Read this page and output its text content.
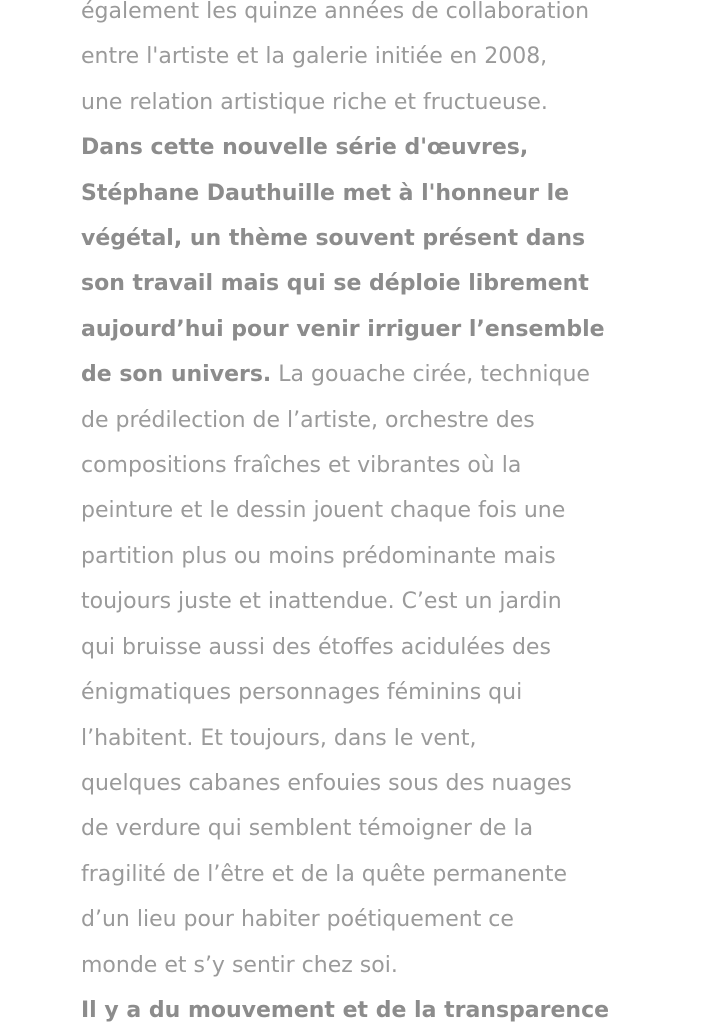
également les quinze années de collaboration
entre l'artiste et la galerie initiée en 2008,
une relation artistique riche et fructueuse.
Dans cette nouvelle série d'œuvres,
Stéphane Dauthuille met à l'honneur le
végétal, un thème souvent présent dans
son travail mais qui se déploie librement
aujourd’hui pour venir irriguer l’ensemble
de son univers. La gouache cirée, technique
de prédilection de l’artiste, orchestre des
compositions fraîches et vibrantes où la
peinture et le dessin jouent chaque fois une
partition plus ou moins prédominante mais
toujours juste et inattendue. C’est un jardin
qui bruisse aussi des étoffes acidulées des
énigmatiques personnages féminins qui
l’habitent. Et toujours, dans le vent,
quelques cabanes enfouies sous des nuages
de verdure qui semblent témoigner de la
fragilité de l’être et de la quête permanente
d’un lieu pour habiter poétiquement ce
monde et s’y sentir chez soi.
Il y a du mouvement et de la transparence
